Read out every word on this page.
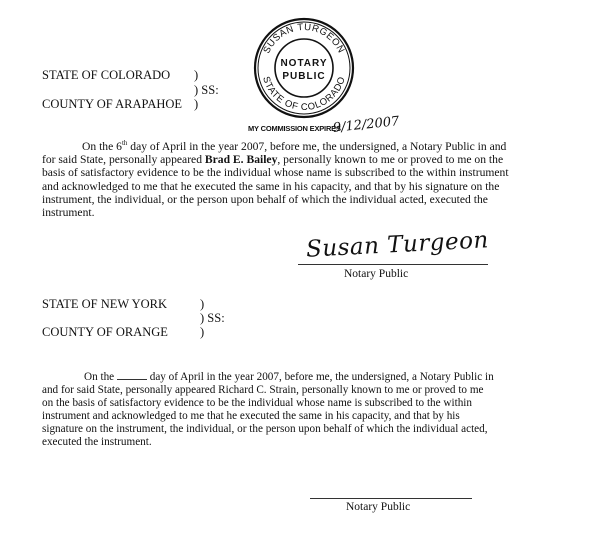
STATE OF COLORADO )
) SS:
COUNTY OF ARAPAHOE )
SUSAN TURGEON
STATE OF COLORADO
NOTARY
PUBLIC
MY COMMISSION EXPIRES
9/12/2007
On the 6th day of April in the year 2007, before me, the undersigned, a Notary Public in and
for said State, personally appeared Brad E. Bailey, personally known to me or proved to me on the
basis of satisfactory evidence to be the individual whose name is subscribed to the within instrument
and acknowledged to me that he executed the same in his capacity, and that by his signature on the
instrument, the individual, or the person upon behalf of which the individual acted, executed the
instrument.
Susan Turgeon
Notary Public
STATE OF NEW YORK	)
) SS:
COUNTY OF ORANGE	)
On the	day of April in the year 2007, before me, the undersigned, a Notary Public in
and for said State, personally appeared Richard C. Strain, personally known to me or proved to me
on the basis of satisfactory evidence to be the individual whose name is subscribed to the within
instrument and acknowledged to me that he executed the same in his capacity, and that by his
signature on the instrument, the individual, or the person upon behalf of which the individual acted,
executed the instrument.
Notary Public
